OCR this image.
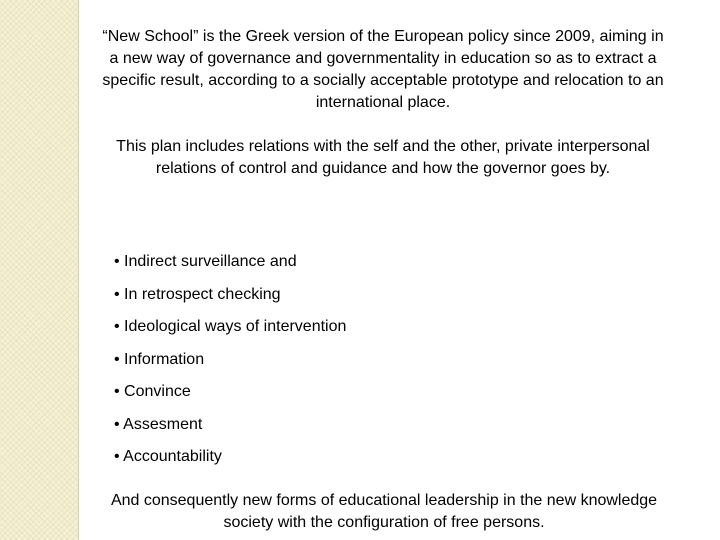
“New School” is the Greek version of the European policy since 2009, aiming in a new way of governance and governmentality in education so as to extract a specific result, according to a socially acceptable prototype and relocation to an international place.

This plan includes relations with the self and the other, private interpersonal relations of control and guidance and how the governor goes by.

• Indirect surveillance and
• In retrospect checking
• Ideological ways of intervention
• Information
• Convince
• Assesment
• Accountability

And consequently new forms of educational leadership in the new knowledge society with the configuration of free persons.
